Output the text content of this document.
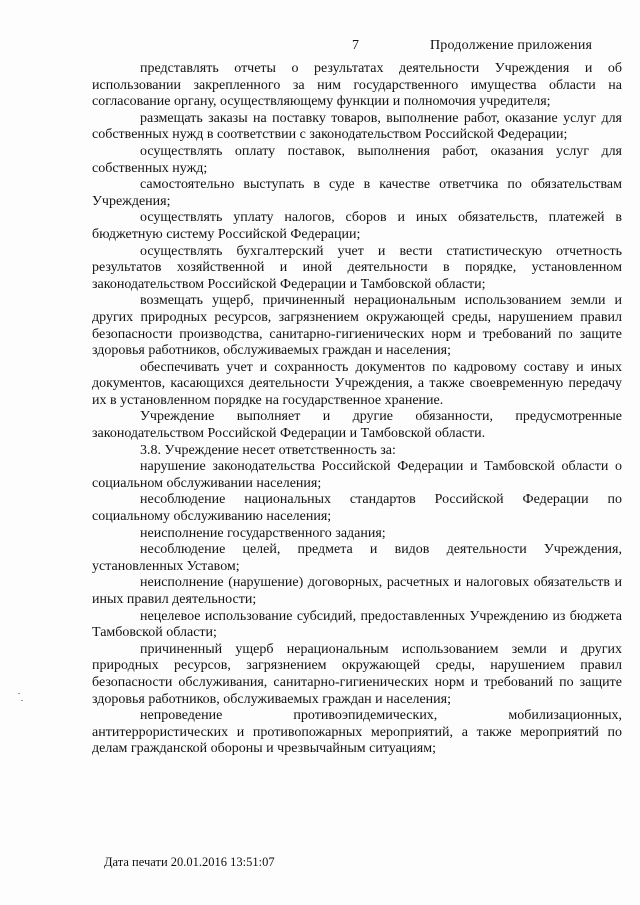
7	Продолжение приложения

представлять отчеты о результатах деятельности Учреждения и об использовании закрепленного за ним государственного имущества области на согласование органу, осуществляющему функции и полномочия учредителя;

размещать заказы на поставку товаров, выполнение работ, оказание услуг для собственных нужд в соответствии с законодательством Российской Федерации;

осуществлять оплату поставок, выполнения работ, оказания услуг для собственных нужд;

самостоятельно выступать в суде в качестве ответчика по обязательствам Учреждения;

осуществлять уплату налогов, сборов и иных обязательств, платежей в бюджетную систему Российской Федерации;

осуществлять бухгалтерский учет и вести статистическую отчетность результатов хозяйственной и иной деятельности в порядке, установленном законодательством Российской Федерации и Тамбовской области;

возмещать ущерб, причиненный нерациональным использованием земли и других природных ресурсов, загрязнением окружающей среды, нарушением правил безопасности производства, санитарно-гигиенических норм и требований по защите здоровья работников, обслуживаемых граждан и населения;

обеспечивать учет и сохранность документов по кадровому составу и иных документов, касающихся деятельности Учреждения, а также своевременную передачу их в установленном порядке на государственное хранение.

Учреждение выполняет и другие обязанности, предусмотренные законодательством Российской Федерации и Тамбовской области.

3.8. Учреждение несет ответственность за:

нарушение законодательства Российской Федерации и Тамбовской области о социальном обслуживании населения;

несоблюдение национальных стандартов Российской Федерации по социальному обслуживанию населения;

неисполнение государственного задания;

несоблюдение целей, предмета и видов деятельности Учреждения, установленных Уставом;

неисполнение (нарушение) договорных, расчетных и налоговых обязательств и иных правил деятельности;

нецелевое использование субсидий, предоставленных Учреждению из бюджета Тамбовской области;

причиненный ущерб нерациональным использованием земли и других природных ресурсов, загрязнением окружающей среды, нарушением правил безопасности обслуживания, санитарно-гигиенических норм и требований по защите здоровья работников, обслуживаемых граждан и населения;

непроведение противоэпидемических, мобилизационных, антитеррористических и противопожарных мероприятий, а также мероприятий по делам гражданской обороны и чрезвычайным ситуациям;

Дата печати 20.01.2016 13:51:07
